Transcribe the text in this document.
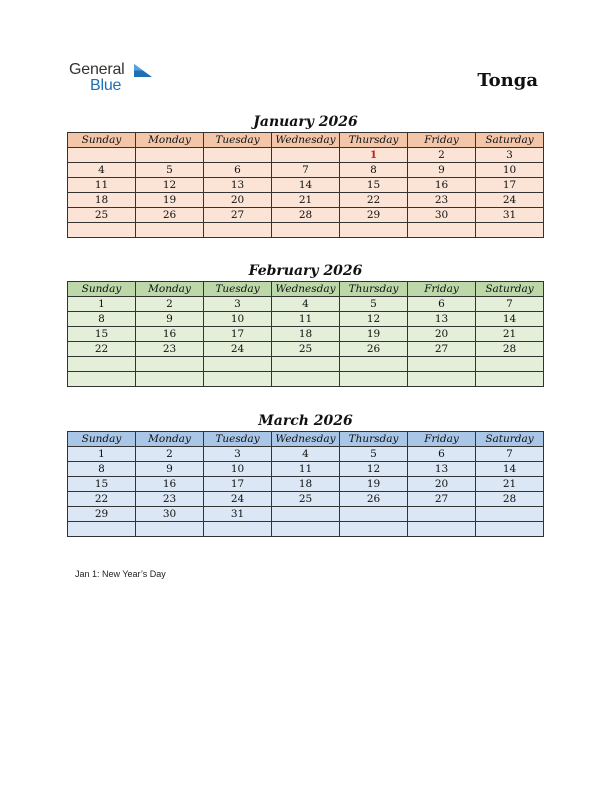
General
Blue	Tonga
January 2026
Sunday	Monday	Tuesday	Wednesday	Thursday	Friday	Saturday
				1	2	3
4	5	6	7	8	9	10
11	12	13	14	15	16	17
18	19	20	21	22	23	24
25	26	27	28	29	30	31

February 2026
Sunday	Monday	Tuesday	Wednesday	Thursday	Friday	Saturday
1	2	3	4	5	6	7
8	9	10	11	12	13	14
15	16	17	18	19	20	21
22	23	24	25	26	27	28

March 2026
Sunday	Monday	Tuesday	Wednesday	Thursday	Friday	Saturday
1	2	3	4	5	6	7
8	9	10	11	12	13	14
15	16	17	18	19	20	21
22	23	24	25	26	27	28
29	30	31				

Jan 1: New Year’s Day
